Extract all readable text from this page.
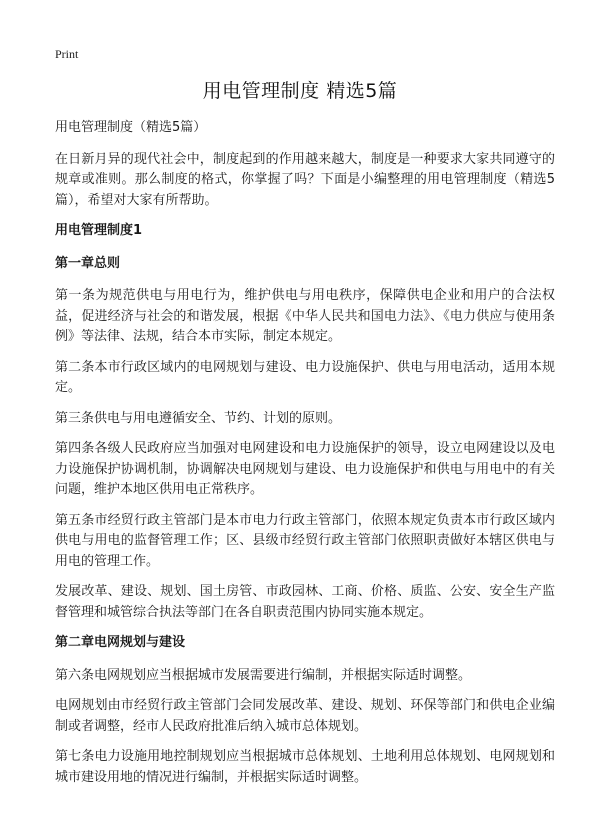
Print
用电管理制度 精选5篇

用电管理制度（精选5篇）

在日新月异的现代社会中，制度起到的作用越来越大，制度是一种要求大家共同遵守的规章或准则。那么制度的格式，你掌握了吗？下面是小编整理的用电管理制度（精选5篇），希望对大家有所帮助。

用电管理制度1

第一章总则

第一条为规范供电与用电行为，维护供电与用电秩序，保障供电企业和用户的合法权益，促进经济与社会的和谐发展，根据《中华人民共和国电力法》、《电力供应与使用条例》等法律、法规，结合本市实际，制定本规定。

第二条本市行政区域内的电网规划与建设、电力设施保护、供电与用电活动，适用本规定。

第三条供电与用电遵循安全、节约、计划的原则。

第四条各级人民政府应当加强对电网建设和电力设施保护的领导，设立电网建设以及电力设施保护协调机制，协调解决电网规划与建设、电力设施保护和供电与用电中的有关问题，维护本地区供用电正常秩序。

第五条市经贸行政主管部门是本市电力行政主管部门，依照本规定负责本市行政区域内供电与用电的监督管理工作；区、县级市经贸行政主管部门依照职责做好本辖区供电与用电的管理工作。

发展改革、建设、规划、国土房管、市政园林、工商、价格、质监、公安、安全生产监督管理和城管综合执法等部门在各自职责范围内协同实施本规定。

第二章电网规划与建设

第六条电网规划应当根据城市发展需要进行编制，并根据实际适时调整。

电网规划由市经贸行政主管部门会同发展改革、建设、规划、环保等部门和供电企业编制或者调整，经市人民政府批准后纳入城市总体规划。

第七条电力设施用地控制规划应当根据城市总体规划、土地利用总体规划、电网规划和城市建设用地的情况进行编制，并根据实际适时调整。
